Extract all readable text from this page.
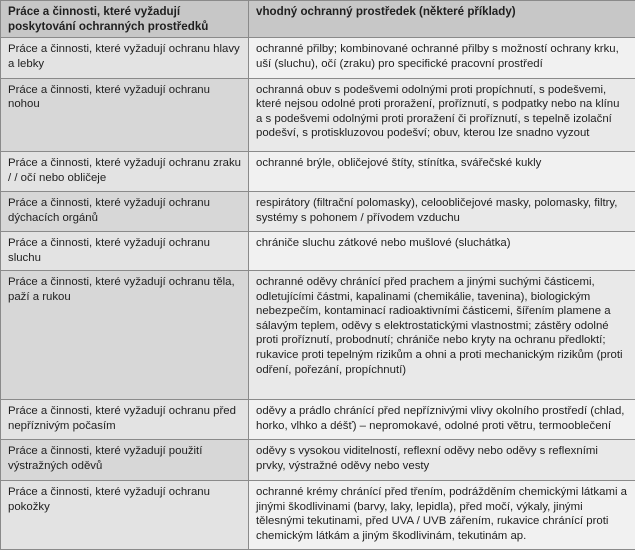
Práce a činnosti, které vyžadují poskytování ochranných prostředků	vhodný ochranný prostředek (některé příklady)
Práce a činnosti, které vyžadují ochranu hlavy a lebky	ochranné přilby; kombinované ochranné přilby s možností ochrany krku, uší (sluchu), očí (zraku) pro specifické pracovní prostředí
Práce a činnosti, které vyžadují ochranu nohou	ochranná obuv s podešvemi odolnými proti propíchnutí, s podešvemi, které nejsou odolné proti proražení, proříznutí, s podpatky nebo na klínu a s podešvemi odolnými proti proražení či proříznutí, s tepelně izolační podešví, s protiskluzovou podešví; obuv, kterou lze snadno vyzout
Práce a činnosti, které vyžadují ochranu zraku / / očí nebo obličeje	ochranné brýle, obličejové štíty, stínítka, svářečské kukly
Práce a činnosti, které vyžadují ochranu dýchacích orgánů	respirátory (filtrační polomasky), celoobličejové masky, polomasky, filtry, systémy s pohonem / přívodem vzduchu
Práce a činnosti, které vyžadují ochranu sluchu	chrániče sluchu zátkové nebo mušlové (sluchátka)
Práce a činnosti, které vyžadují ochranu těla, paží a rukou	ochranné oděvy chránící před prachem a jinými suchými částicemi, odletujícími částmi, kapalinami (chemikálie, tavenina), biologickým nebezpečím, kontaminací radioaktivními částicemi, šířením plamene a sálavým teplem, oděvy s elektrostatickými vlastnostmi; zástěry odolné proti proříznutí, probodnutí; chrániče nebo kryty na ochranu předloktí; rukavice proti tepelným rizikům a ohni a proti mechanickým rizikům (proti odření, pořezání, propíchnutí)
Práce a činnosti, které vyžadují ochranu před nepříznivým počasím	oděvy a prádlo chránící před nepříznivými vlivy okolního prostředí (chlad, horko, vlhko a déšť) – nepromokavé, odolné proti větru, termooblečení
Práce a činnosti, které vyžadují použití výstražných oděvů	oděvy s vysokou viditelností, reflexní oděvy nebo oděvy s reflexními prvky, výstražné oděvy nebo vesty
Práce a činnosti, které vyžadují ochranu pokožky	ochranné krémy chránící před třením, podrážděním chemickými látkami a jinými škodlivinami (barvy, laky, lepidla), před močí, výkaly, jinými tělesnými tekutinami, před UVA / UVB zářením, rukavice chránící proti chemickým látkám a jiným škodlivinám, tekutinám ap.
